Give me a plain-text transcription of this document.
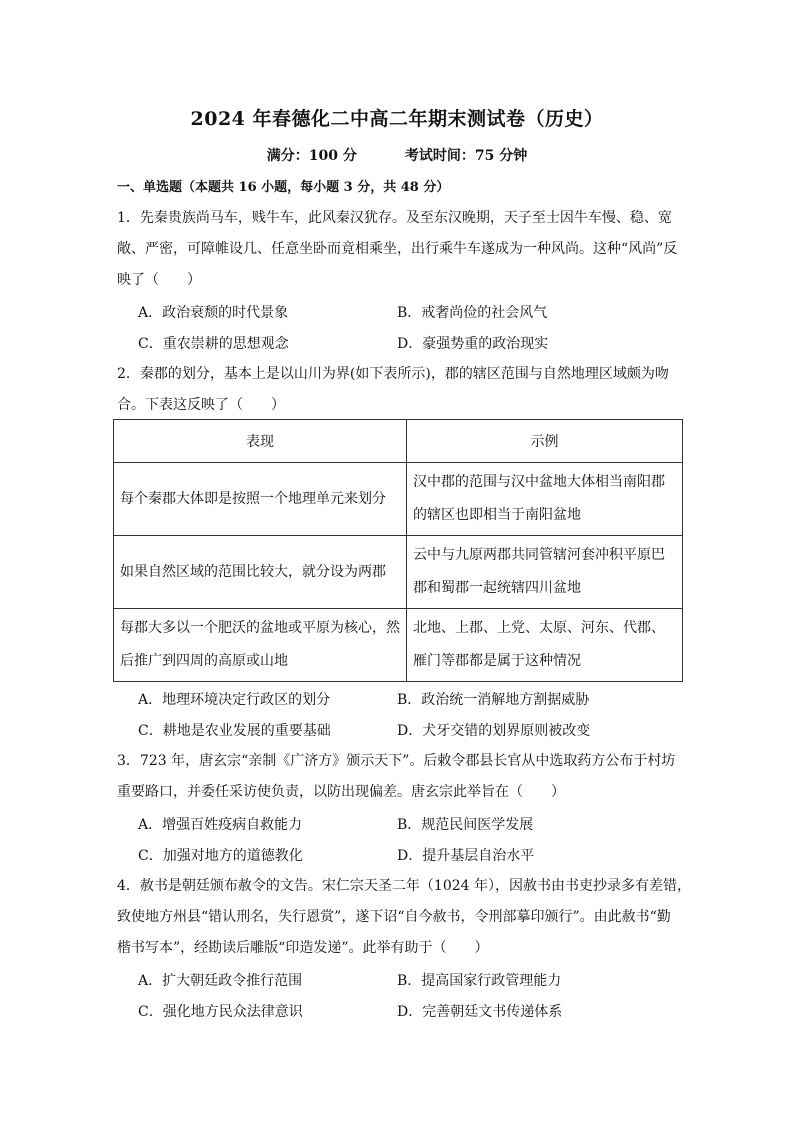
2024 年春德化二中高二年期末测试卷（历史）
满分：100 分	考试时间：75 分钟
一、单选题（本题共 16 小题，每小题 3 分，共 48 分）
1．先秦贵族尚马车，贱牛车，此风秦汉犹存。及至东汉晚期，天子至士因牛车慢、稳、宽
敞、严密，可障帷设几、任意坐卧而竟相乘坐，出行乘牛车遂成为一种风尚。这种“风尚”反
映了（　　）
A．政治衰颓的时代景象	B．戒奢尚俭的社会风气
C．重农崇耕的思想观念	D．豪强势重的政治现实
2．秦郡的划分，基本上是以山川为界(如下表所示)，郡的辖区范围与自然地理区域颇为吻
合。下表这反映了（　　）
表现	示例
每个秦郡大体即是按照一个地理单元来划分	汉中郡的范围与汉中盆地大体相当南阳郡的辖区也即相当于南阳盆地
如果自然区域的范围比较大，就分设为两郡	云中与九原两郡共同管辖河套冲积平原巴郡和蜀郡一起统辖四川盆地
每郡大多以一个肥沃的盆地或平原为核心，然后推广到四周的高原或山地	北地、上郡、上党、太原、河东、代郡、雁门等郡都是属于这种情况
A．地理环境决定行政区的划分	B．政治统一消解地方割据威胁
C．耕地是农业发展的重要基础	D．犬牙交错的划界原则被改变
3．723 年，唐玄宗“亲制《广济方》颁示天下”。后敕令郡县长官从中选取药方公布于村坊
重要路口，并委任采访使负责，以防出现偏差。唐玄宗此举旨在（　　）
A．增强百姓疫病自救能力	B．规范民间医学发展
C．加强对地方的道德教化	D．提升基层自治水平
4．赦书是朝廷颁布赦令的文告。宋仁宗天圣二年（1024 年），因赦书由书吏抄录多有差错，
致使地方州县“错认刑名，失行恩赏”，遂下诏“自今赦书，令刑部摹印颁行”。由此赦书“勤
楷书写本”，经勘读后雕版“印造发递”。此举有助于（　　）
A．扩大朝廷政令推行范围	B．提高国家行政管理能力
C．强化地方民众法律意识	D．完善朝廷文书传递体系
